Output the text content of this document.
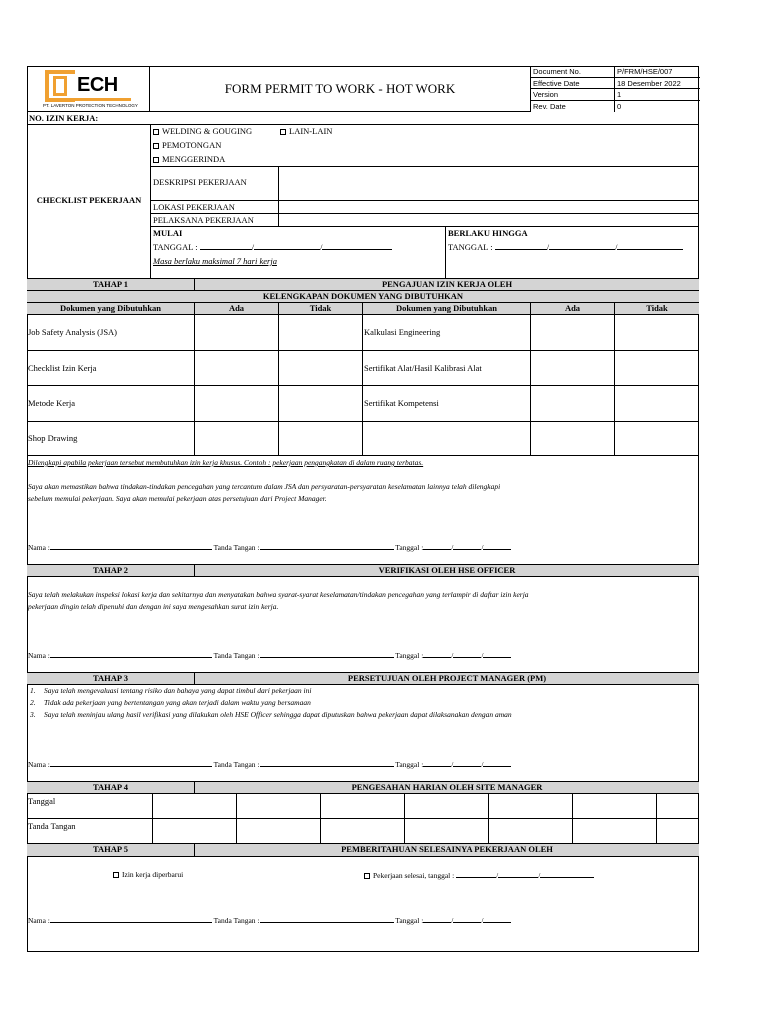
ECH
PT. LAVERTON PROTECTION TECHNOLOGY
FORM PERMIT TO WORK - HOT WORK
Document No.	P/FRM/HSE/007
Effective Date	18 Desember 2022
Version	1
Rev. Date	0
NO. IZIN KERJA:
CHECKLIST PEKERJAAN
WELDING & GOUGING	LAIN-LAIN
PEMOTONGAN
MENGGERINDA
DESKRIPSI PEKERJAAN
LOKASI PEKERJAAN
PELAKSANA PEKERJAAN
MULAI
TANGGAL :	/	/
Masa berlaku maksimal 7 hari kerja
BERLAKU HINGGA
TANGGAL :	/	/
TAHAP 1	PENGAJUAN IZIN KERJA OLEH
KELENGKAPAN DOKUMEN YANG DIBUTUHKAN
Dokumen yang Dibutuhkan	Ada	Tidak	Dokumen yang Dibutuhkan	Ada	Tidak
Job Safety Analysis (JSA)	Kalkulasi Engineering
Checklist Izin Kerja	Sertifikat Alat/Hasil Kalibrasi Alat
Metode Kerja	Sertifikat Kompetensi
Shop Drawing
Dilengkapi apabila pekerjaan tersebut membutuhkan izin kerja khusus. Contoh : pekerjaan pengangkatan di dalam ruang terbatas.
Saya akan memastikan bahwa tindakan-tindakan pencegahan yang tercantum dalam JSA dan persyaratan-persyaratan keselamatan lainnya telah dilengkapi
sebelum memulai pekerjaan. Saya akan memulai pekerjaan atas persetujuan dari Project Manager.
Nama :	Tanda Tangan :	Tanggal :	/	/
TAHAP 2	VERIFIKASI OLEH HSE OFFICER
Saya telah melakukan inspeksi lokasi kerja dan sekitarnya dan menyatakan bahwa syarat-syarat keselamatan/tindakan pencegahan yang terlampir di daftar izin kerja
pekerjaan dingin telah dipenuhi dan dengan ini saya mengesahkan surat izin kerja.
Nama :	Tanda Tangan :	Tanggal :	/	/
TAHAP 3	PERSETUJUAN OLEH PROJECT MANAGER (PM)
1. Saya telah mengevaluasi tentang risiko dan bahaya yang dapat timbul dari pekerjaan ini
2. Tidak ada pekerjaan yang bertentangan yang akan terjadi dalam waktu yang bersamaan
3. Saya telah meninjau ulang hasil verifikasi yang dilakukan oleh HSE Officer sehingga dapat diputuskan bahwa pekerjaan dapat dilaksanakan dengan aman
Nama :	Tanda Tangan :	Tanggal :	/	/
TAHAP 4	PENGESAHAN HARIAN OLEH SITE MANAGER
Tanggal
Tanda Tangan
TAHAP 5	PEMBERITAHUAN SELESAINYA PEKERJAAN OLEH
Izin kerja diperbarui	Pekerjaan selesai, tanggal :	/	/
Nama :	Tanda Tangan :	Tanggal :	/	/
